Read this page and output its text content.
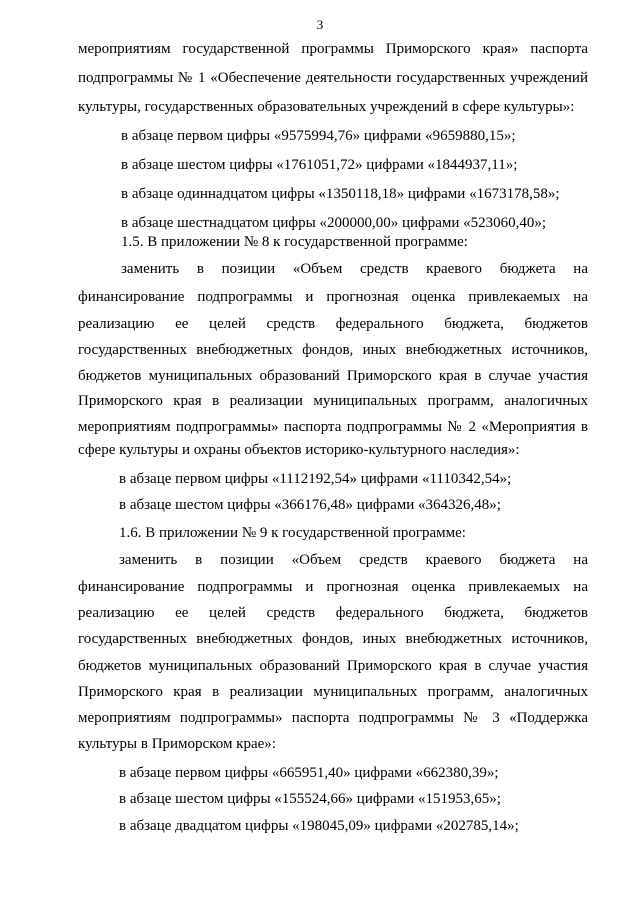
3
мероприятиям государственной программы Приморского края» паспорта
подпрограммы № 1 «Обеспечение деятельности государственных учреждений
культуры, государственных образовательных учреждений в сфере культуры»:
в абзаце первом цифры «9575994,76» цифрами «9659880,15»;
в абзаце шестом цифры «1761051,72» цифрами «1844937,11»;
в абзаце одиннадцатом цифры «1350118,18» цифрами «1673178,58»;
в абзаце шестнадцатом цифры «200000,00» цифрами «523060,40»;
1.5. В приложении № 8 к государственной программе:
заменить в позиции «Объем средств краевого бюджета на
финансирование подпрограммы и прогнозная оценка привлекаемых на
реализацию ее целей средств федерального бюджета, бюджетов
государственных внебюджетных фондов, иных внебюджетных источников,
бюджетов муниципальных образований Приморского края в случае участия
Приморского края в реализации муниципальных программ, аналогичных
мероприятиям подпрограммы» паспорта подпрограммы № 2 «Мероприятия в
сфере культуры и охраны объектов историко-культурного наследия»:
в абзаце первом цифры «1112192,54» цифрами «1110342,54»;
в абзаце шестом цифры «366176,48» цифрами «364326,48»;
1.6. В приложении № 9 к государственной программе:
заменить в позиции «Объем средств краевого бюджета на
финансирование подпрограммы и прогнозная оценка привлекаемых на
реализацию ее целей средств федерального бюджета, бюджетов
государственных внебюджетных фондов, иных внебюджетных источников,
бюджетов муниципальных образований Приморского края в случае участия
Приморского края в реализации муниципальных программ, аналогичных
мероприятиям подпрограммы» паспорта подпрограммы № 3 «Поддержка
культуры в Приморском крае»:
в абзаце первом цифры «665951,40» цифрами «662380,39»;
в абзаце шестом цифры «155524,66» цифрами «151953,65»;
в абзаце двадцатом цифры «198045,09» цифрами «202785,14»;
